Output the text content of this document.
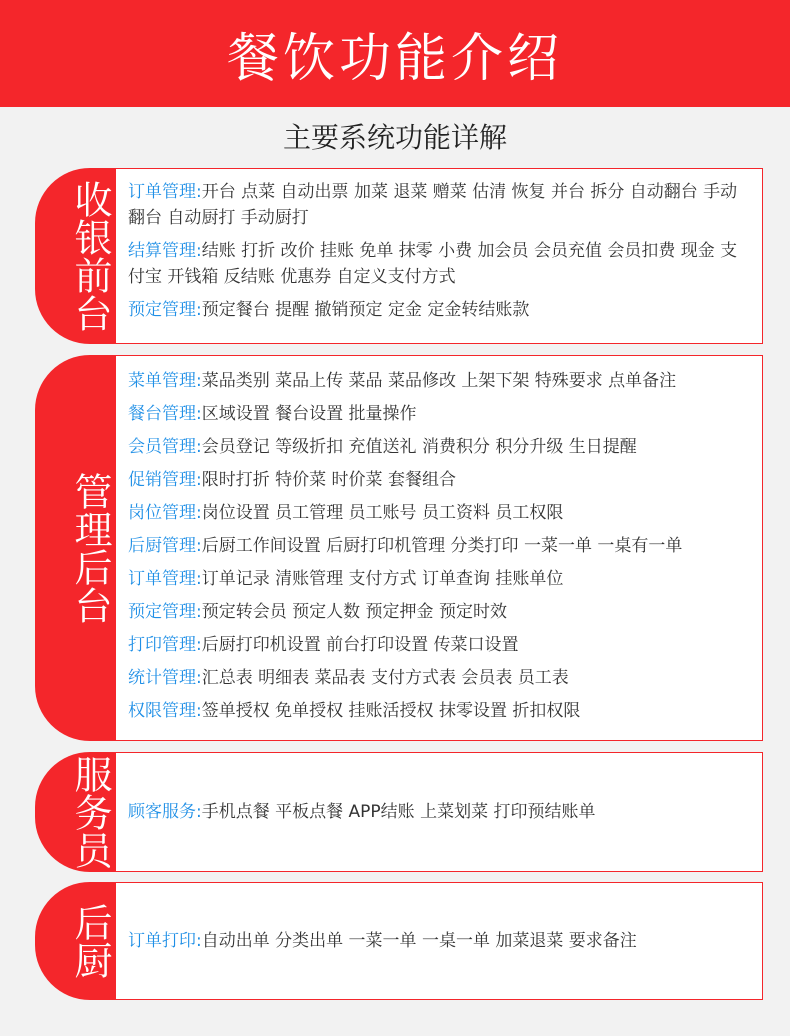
餐饮功能介绍
主要系统功能详解
收银前台 订单管理:开台 点菜 自动出票 加菜 退菜 赠菜 估清 恢复 并台 拆分 自动翻台 手动翻台 自动厨打 手动厨打
结算管理:结账 打折 改价 挂账 免单 抹零 小费 加会员 会员充值 会员扣费 现金 支付宝 开钱箱 反结账 优惠券 自定义支付方式
预定管理:预定餐台 提醒 撤销预定 定金 定金转结账款
管理后台
菜单管理:菜品类别 菜品上传 菜品 菜品修改 上架下架 特殊要求 点单备注
餐台管理:区域设置 餐台设置 批量操作
会员管理:会员登记 等级折扣 充值送礼 消费积分 积分升级 生日提醒
促销管理:限时打折 特价菜 时价菜 套餐组合
岗位管理:岗位设置 员工管理 员工账号 员工资料 员工权限
后厨管理:后厨工作间设置 后厨打印机管理 分类打印 一菜一单 一桌有一单
订单管理:订单记录 清账管理 支付方式 订单查询 挂账单位
预定管理:预定转会员 预定人数 预定押金 预定时效
打印管理:后厨打印机设置 前台打印设置 传菜口设置
统计管理:汇总表 明细表 菜品表 支付方式表 会员表 员工表
权限管理:签单授权 免单授权 挂账活授权 抹零设置 折扣权限
服务员 顾客服务:手机点餐 平板点餐 APP结账 上菜划菜 打印预结账单
后厨 订单打印:自动出单 分类出单 一菜一单 一桌一单 加菜退菜 要求备注
